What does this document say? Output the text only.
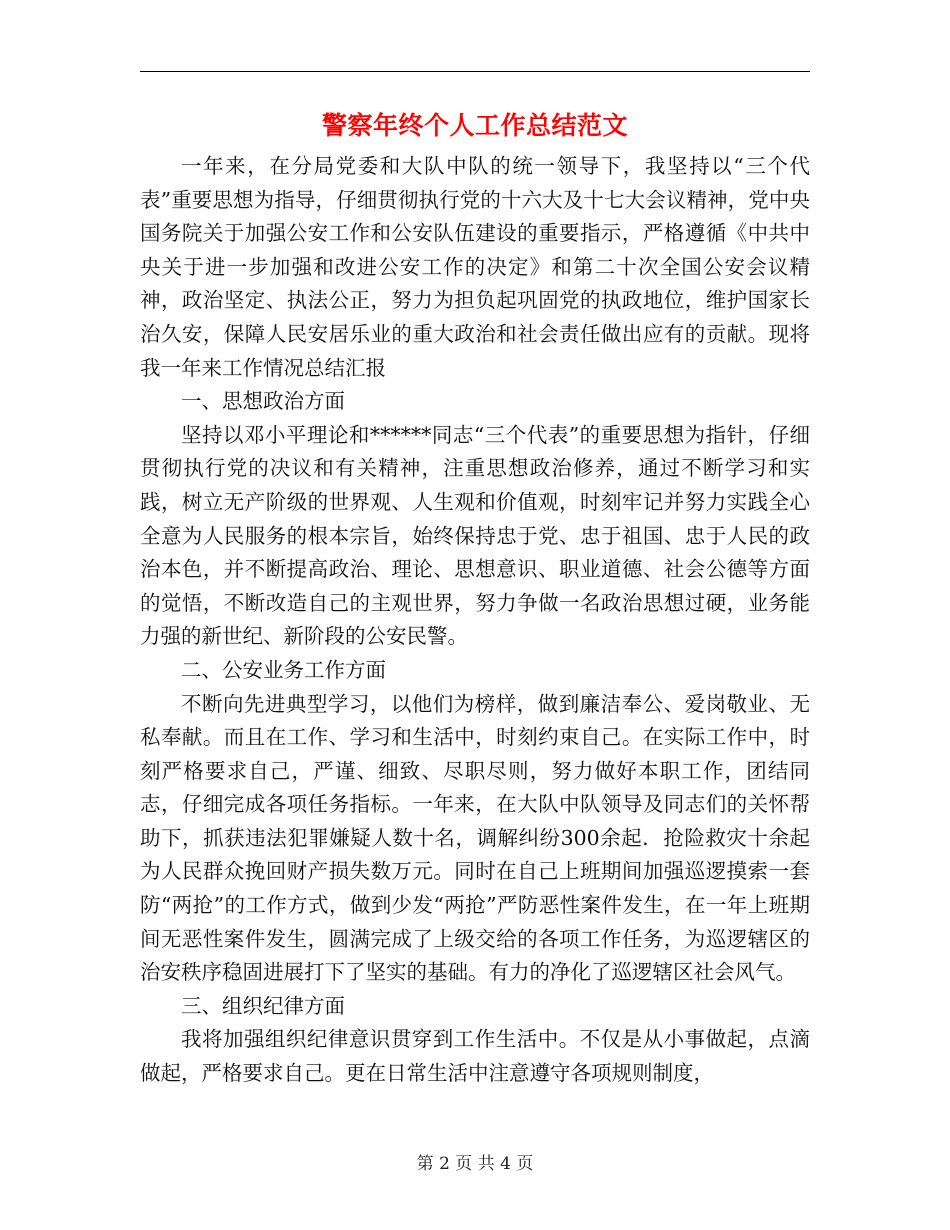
警察年终个人工作总结范文

一年来，在分局党委和大队中队的统一领导下，我坚持以“三个代表”重要思想为指导，仔细贯彻执行党的十六大及十七大会议精神，党中央国务院关于加强公安工作和公安队伍建设的重要指示，严格遵循《中共中央关于进一步加强和改进公安工作的决定》和第二十次全国公安会议精神，政治坚定、执法公正，努力为担负起巩固党的执政地位，维护国家长治久安，保障人民安居乐业的重大政治和社会责任做出应有的贡献。现将我一年来工作情况总结汇报

一、思想政治方面

坚持以邓小平理论和******同志“三个代表”的重要思想为指针，仔细贯彻执行党的决议和有关精神，注重思想政治修养，通过不断学习和实践，树立无产阶级的世界观、人生观和价值观，时刻牢记并努力实践全心全意为人民服务的根本宗旨，始终保持忠于党、忠于祖国、忠于人民的政治本色，并不断提高政治、理论、思想意识、职业道德、社会公德等方面的觉悟，不断改造自己的主观世界，努力争做一名政治思想过硬，业务能力强的新世纪、新阶段的公安民警。

二、公安业务工作方面

不断向先进典型学习，以他们为榜样，做到廉洁奉公、爱岗敬业、无私奉献。而且在工作、学习和生活中，时刻约束自己。在实际工作中，时刻严格要求自己，严谨、细致、尽职尽则，努力做好本职工作，团结同志，仔细完成各项任务指标。一年来，在大队中队领导及同志们的关怀帮助下，抓获违法犯罪嫌疑人数十名，调解纠纷300余起．抢险救灾十余起为人民群众挽回财产损失数万元。同时在自己上班期间加强巡逻摸索一套防“两抢”的工作方式，做到少发“两抢”严防恶性案件发生，在一年上班期间无恶性案件发生，圆满完成了上级交给的各项工作任务，为巡逻辖区的治安秩序稳固进展打下了坚实的基础。有力的净化了巡逻辖区社会风气。

三、组织纪律方面

我将加强组织纪律意识贯穿到工作生活中。不仅是从小事做起，点滴做起，严格要求自己。更在日常生活中注意遵守各项规则制度，

第 2 页 共 4 页
